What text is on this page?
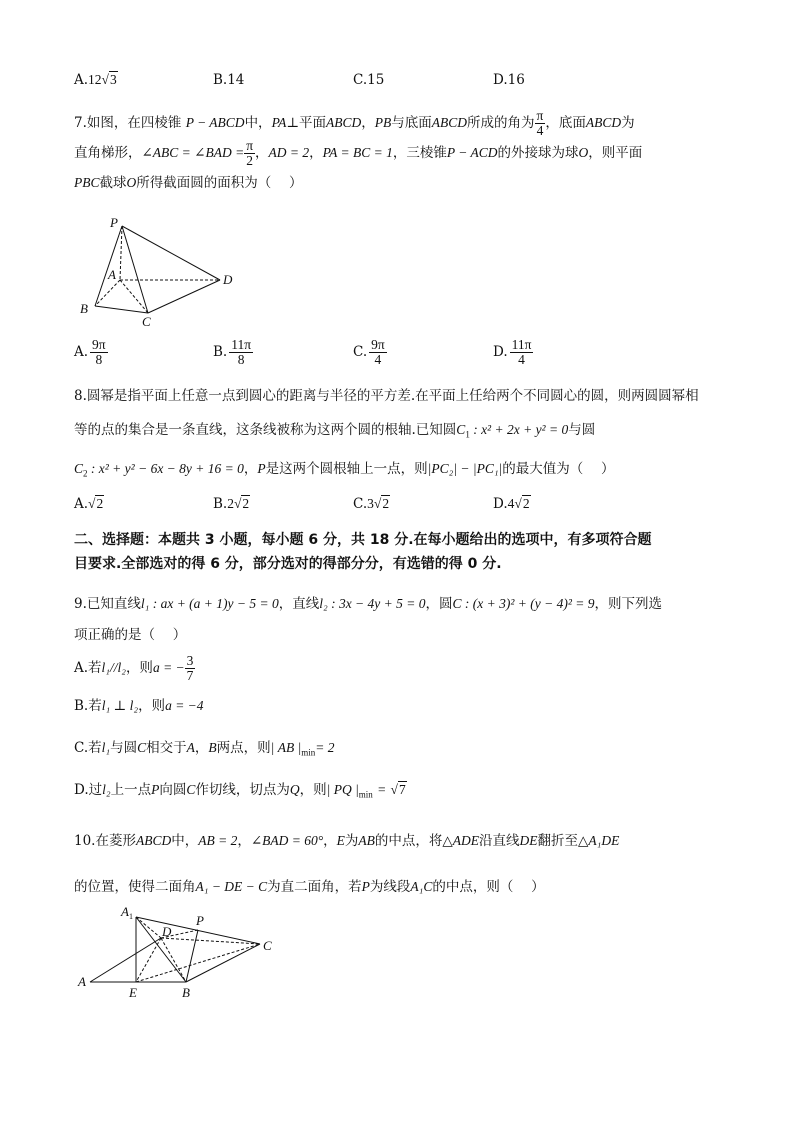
A.12√3	B.14	C.15	D.16
7.如图，在四棱锥 P − ABCD中，PA⊥平面ABCD，PB与底面ABCD所成的角为 $\frac{\pi}{4}$ ，底面ABCD为
直角梯形，∠ABC = ∠BAD = $\frac{\pi}{2}$ ，AD = 2，PA = BC = 1，三棱锥P − ACD的外接球为球O，则平面
PBC截球O所得截面圆的面积为（　 ）
P
A
B
C
D
A. $\frac{9\pi}{8}$	B. $\frac{11\pi}{8}$	C. $\frac{9\pi}{4}$	D. $\frac{11\pi}{4}$
8.圆幂是指平面上任意一点到圆心的距离与半径的平方差.在平面上任给两个不同圆心的圆，则两圆圆幂相
等的点的集合是一条直线，这条线被称为这两个圆的根轴.已知圆$C_1$ : x² + 2x + y² = 0与圆
$C_2$ : x² + y² − 6x − 8y + 16 = 0，P是这两个圆根轴上一点，则|PC₂| − |PC₁|的最大值为（　 ）
A.√2	B.2√2	C.3√2	D.4√2
二、选择题：本题共 3 小题，每小题 6 分，共 18 分.在每小题给出的选项中，有多项符合题
目要求.全部选对的得 6 分，部分选对的得部分分，有选错的得 0 分.
9.已知直线l₁ : ax + (a + 1)y − 5 = 0，直线l₂ : 3x − 4y + 5 = 0，圆C : (x + 3)² + (y − 4)² = 9，则下列选
项正确的是（　 ）
A.若l₁//l₂，则a = − $\frac{3}{7}$
B.若l₁ ⊥ l₂，则a = −4
C.若l₁与圆C相交于A，B两点，则| AB $|_{min}= 2$
D.过l₂上一点P向圆C作切线，切点为Q，则| PQ $|_{min} = √7$
10.在菱形ABCD中，AB = 2，∠BAD = 60°，E为AB的中点，将△ADE沿直线DE翻折至△A₁DE
的位置，使得二面角A₁ − DE − C为直二面角，若P为线段A₁C的中点，则（　 ）
$A_1$
D
P
C
A
E	B
